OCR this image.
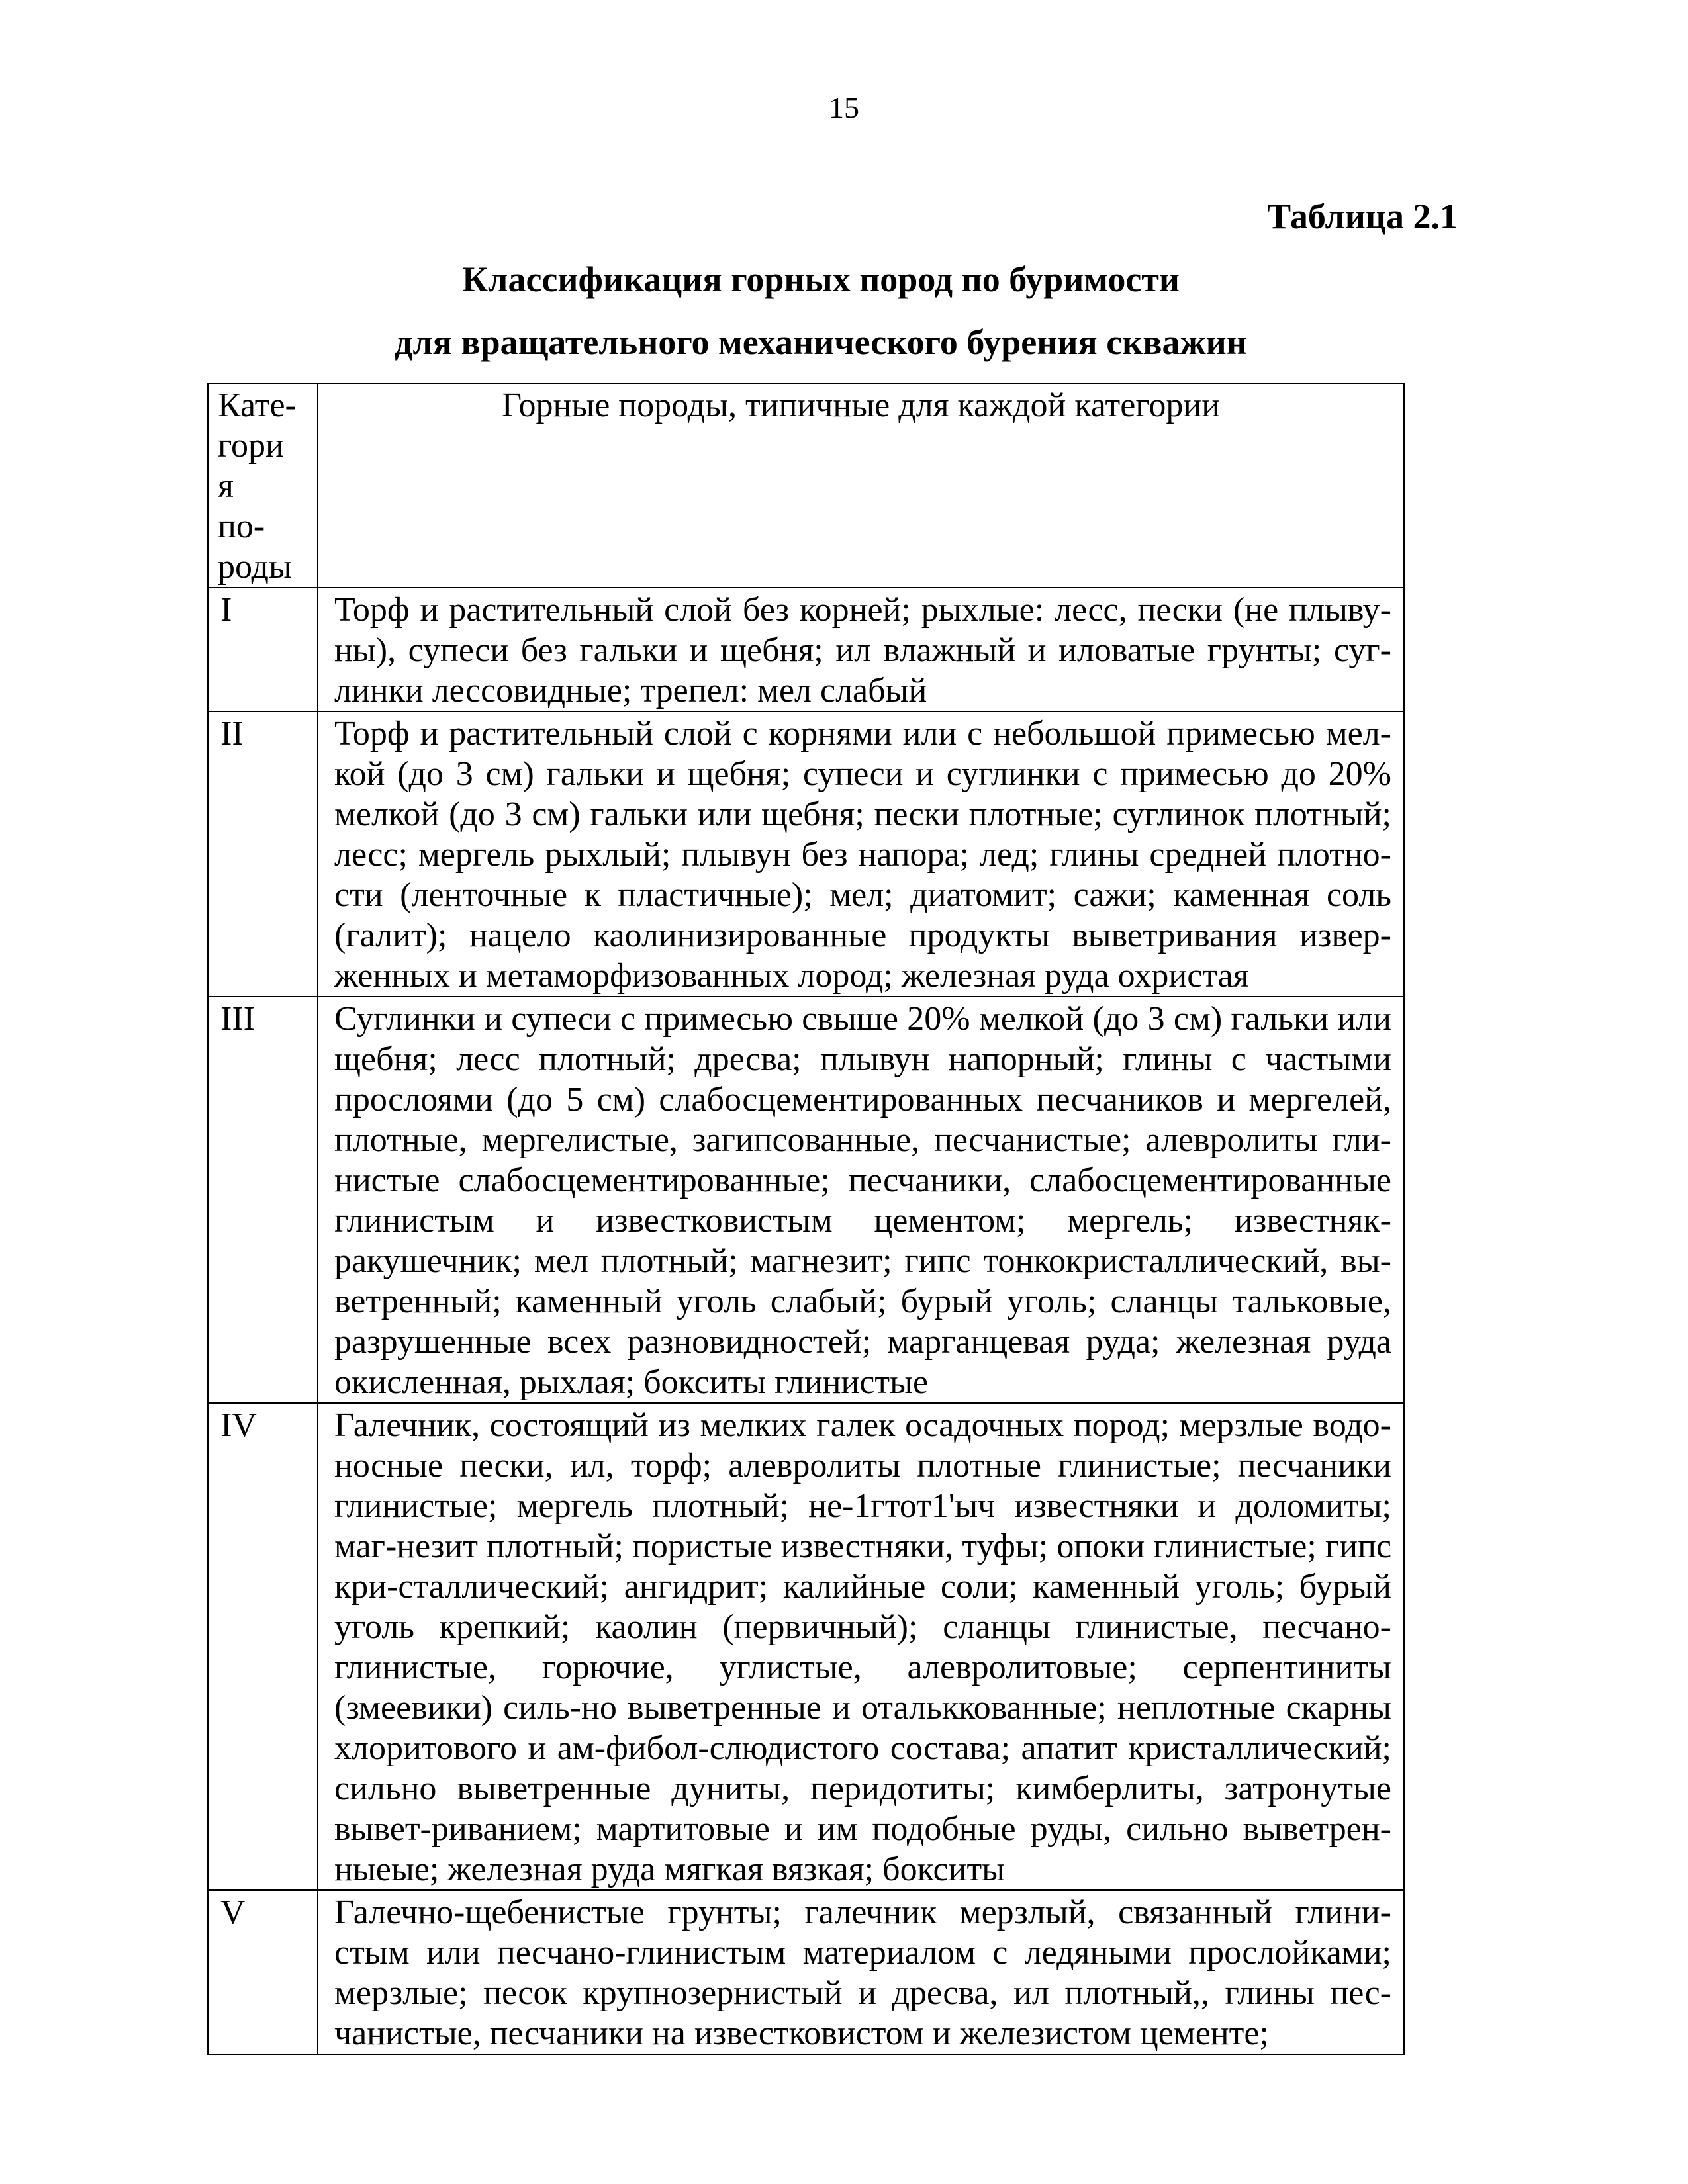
15
Таблица 2.1
Классификация горных пород по буримости
для вращательного механического бурения скважин
Кате-
гория
по-
роды	Горные породы, типичные для каждой категории
I	Торф и растительный слой без корней; рыхлые: лесс, пески (не плыву-ны), супеси без гальки и щебня; ил влажный и иловатые грунты; суг-линки лессовидные; трепел: мел слабый
II	Торф и растительный слой с корнями или с небольшой примесью мел-кой (до 3 см) гальки и щебня; супеси и суглинки с примесью до 20% мелкой (до 3 см) гальки или щебня; пески плотные; суглинок плотный; лесс; мергель рыхлый; плывун без напора; лед; глины средней плотно-сти (ленточные к пластичные); мел; диатомит; сажи; каменная соль (галит); нацело каолинизированные продукты выветривания извер-женных и метаморфизованных лород; железная руда охристая
III	Суглинки и супеси с примесью свыше 20% мелкой (до 3 см) гальки или щебня; лесс плотный; дресва; плывун напорный; глины с частыми прослоями (до 5 см) слабосцементированных песчаников и мергелей, плотные, мергелистые, загипсованные, песчанистые; алевролиты гли-нистые слабосцементированные; песчаники, слабосцементированные глинистым и известковистым цементом; мергель; известняк-ракушечник; мел плотный; магнезит; гипс тонкокристаллический, вы-ветренный; каменный уголь слабый; бурый уголь; сланцы тальковые, разрушенные всех разновидностей; марганцевая руда; железная руда окисленная, рыхлая; бокситы глинистые
IV	Галечник, состоящий из мелких галек осадочных пород; мерзлые водо-носные пески, ил, торф; алевролиты плотные глинистые; песчаники глинистые; мергель плотный; не-1гтот1'ыч известняки и доломиты; маг-незит плотный; пористые известняки, туфы; опоки глинистые; гипс кри-сталлический; ангидрит; калийные соли; каменный уголь; бурый уголь крепкий; каолин (первичный); сланцы глинистые, песчано-глинистые, горючие, углистые, алевролитовые; серпентиниты (змеевики) силь-но выветренные и отальккованные; неплотные скарны хлоритового и ам-фибол-слюдистого состава; апатит кристаллический; сильно выветренные дуниты, перидотиты; кимберлиты, затронутые вывет-риванием; мартитовые и им подобные руды, сильно выветрен-ныеые; железная руда мягкая вязкая; бокситы
V	Галечно-щебенистые грунты; галечник мерзлый, связанный глини-стым или песчано-глинистым материалом с ледяными прослойками; мерзлые; песок крупнозернистый и дресва, ил плотный,, глины пес-чанистые, песчаники на известковистом и железистом цементе;
